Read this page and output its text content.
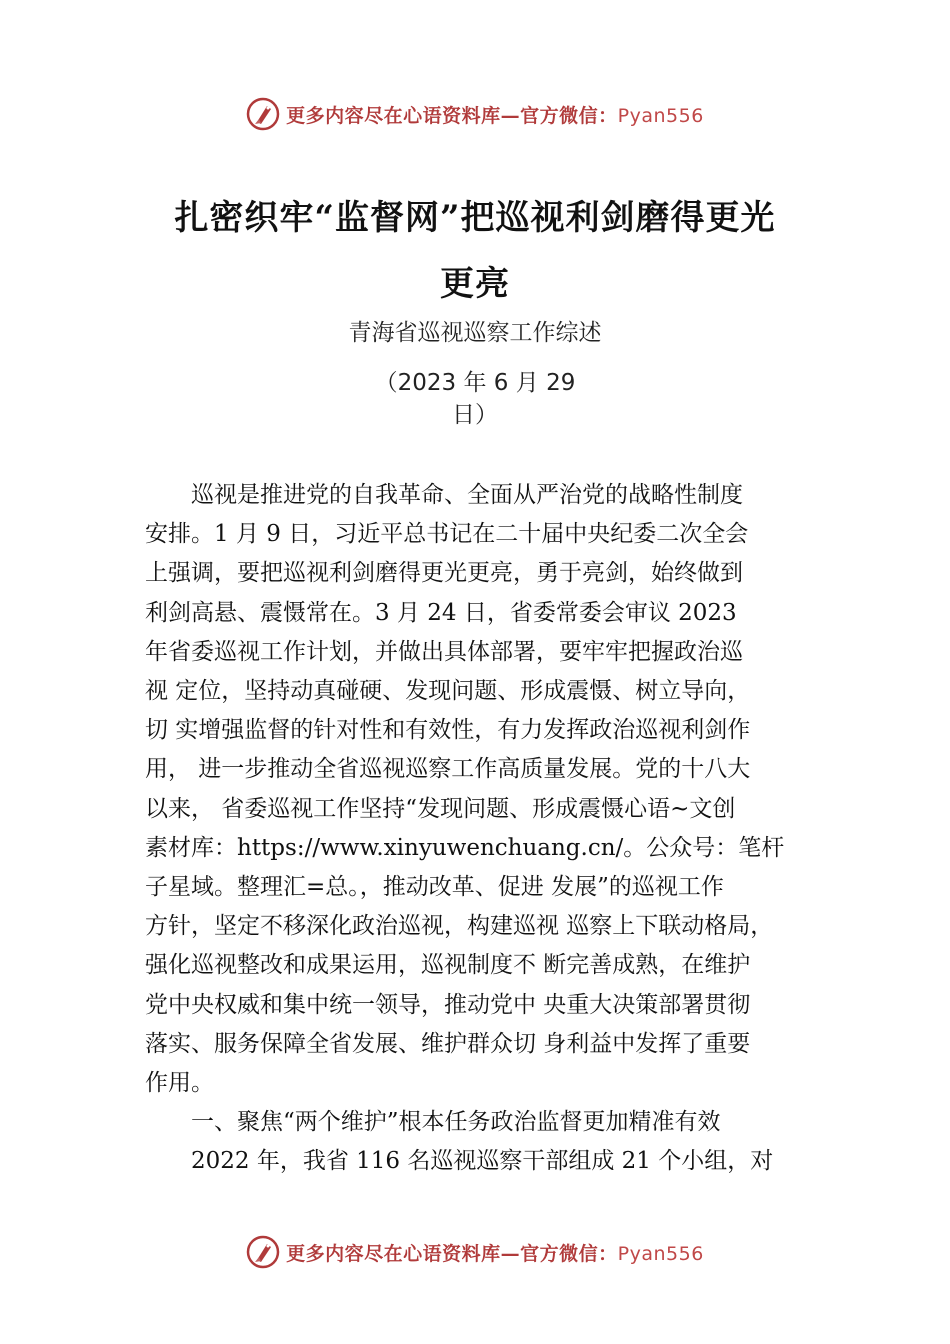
更多内容尽在心语资料库—官方微信：Pyan556
扎密织牢“监督网”把巡视利剑磨得更光
更亮
青海省巡视巡察工作综述
（2023 年 6 月 29
日）
　　巡视是推进党的自我革命、全面从严治党的战略性制度
安排。1 月 9 日，习近平总书记在二十届中央纪委二次全会
上强调，要把巡视利剑磨得更光更亮，勇于亮剑，始终做到
利剑高悬、震慑常在。3 月 24 日，省委常委会审议 2023
年省委巡视工作计划，并做出具体部署，要牢牢把握政治巡
视 定位，坚持动真碰硬、发现问题、形成震慑、树立导向，
切 实增强监督的针对性和有效性，有力发挥政治巡视利剑作
用， 进一步推动全省巡视巡察工作高质量发展。党的十八大
以来， 省委巡视工作坚持“发现问题、形成震慑心语~文创
素材库：https://www.xinyuwenchuang.cn/。公众号：笔杆
子星域。整理汇=总。，推动改革、促进 发展”的巡视工作
方针，坚定不移深化政治巡视，构建巡视 巡察上下联动格局，
强化巡视整改和成果运用，巡视制度不 断完善成熟，在维护
党中央权威和集中统一领导，推动党中 央重大决策部署贯彻
落实、服务保障全省发展、维护群众切 身利益中发挥了重要
作用。
　　一、聚焦“两个维护”根本任务政治监督更加精准有效
　　2022 年，我省 116 名巡视巡察干部组成 21 个小组，对
更多内容尽在心语资料库—官方微信：Pyan556
